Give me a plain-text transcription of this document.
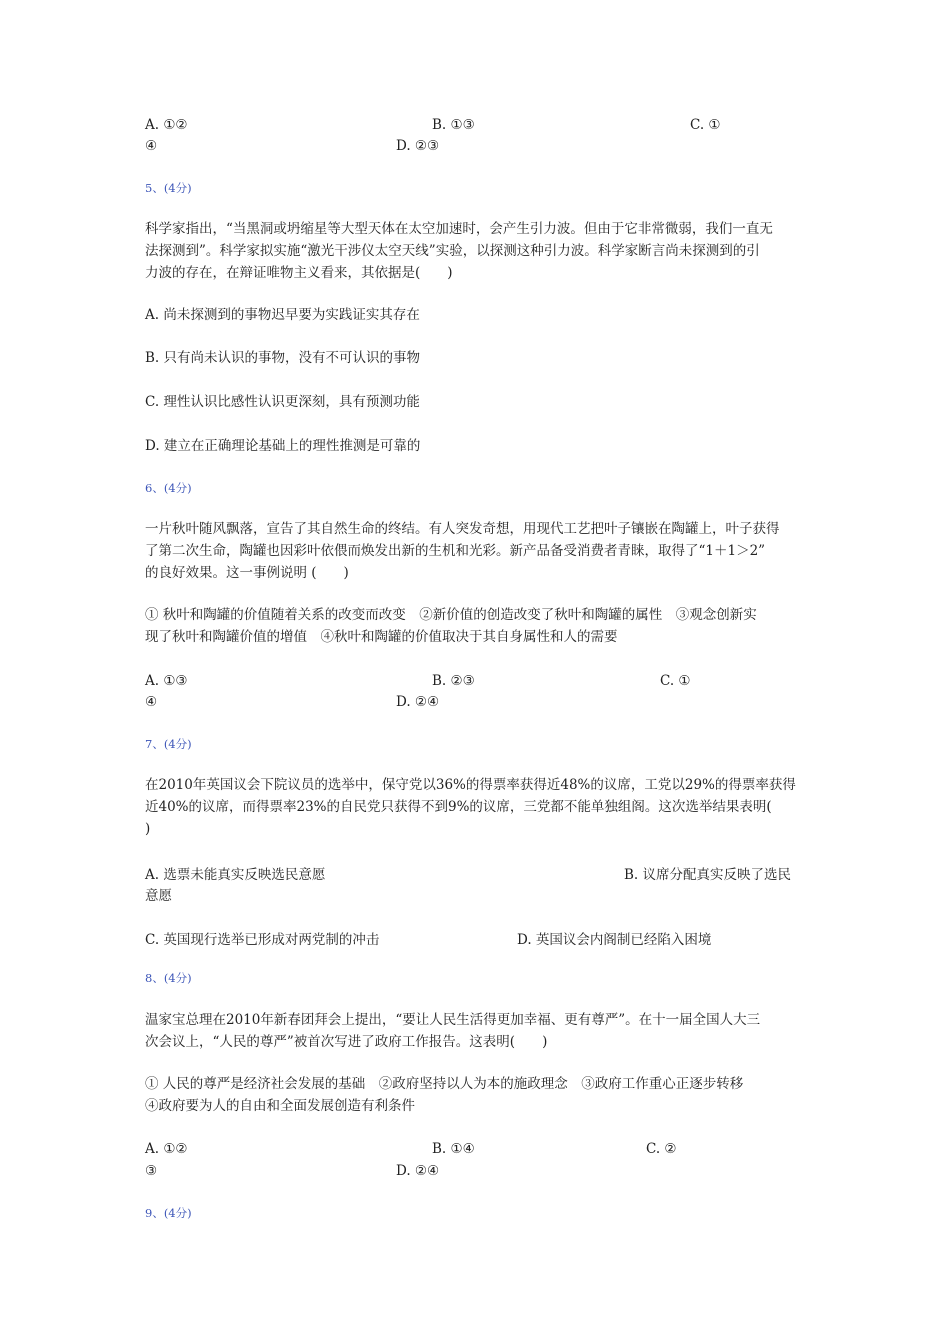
A. ①②	B. ①③	C. ①
④	D. ②③
5、(4分)
科学家指出，“当黑洞或坍缩星等大型天体在太空加速时，会产生引力波。但由于它非常微弱，我们一直无
法探测到”。科学家拟实施“激光干涉仪太空天线”实验，以探测这种引力波。科学家断言尚未探测到的引
力波的存在，在辩证唯物主义看来，其依据是(　　)
A. 尚未探测到的事物迟早要为实践证实其存在
B. 只有尚未认识的事物，没有不可认识的事物
C. 理性认识比感性认识更深刻，具有预测功能
D. 建立在正确理论基础上的理性推测是可靠的
6、(4分)
一片秋叶随风飘落，宣告了其自然生命的终结。有人突发奇想，用现代工艺把叶子镶嵌在陶罐上，叶子获得
了第二次生命，陶罐也因彩叶依偎而焕发出新的生机和光彩。新产品备受消费者青睐，取得了“1＋1＞2”
的良好效果。这一事例说明 (　　)
① 秋叶和陶罐的价值随着关系的改变而改变　②新价值的创造改变了秋叶和陶罐的属性　③观念创新实
现了秋叶和陶罐价值的增值　④秋叶和陶罐的价值取决于其自身属性和人的需要
A. ①③	B. ②③	C. ①
④	D. ②④
7、(4分)
在2010年英国议会下院议员的选举中，保守党以36%的得票率获得近48%的议席，工党以29%的得票率获得
近40%的议席，而得票率23%的自民党只获得不到9%的议席，三党都不能单独组阁。这次选举结果表明(
)
A. 选票未能真实反映选民意愿	B. 议席分配真实反映了选民
意愿
C. 英国现行选举已形成对两党制的冲击	D. 英国议会内阁制已经陷入困境
8、(4分)
温家宝总理在2010年新春团拜会上提出，“要让人民生活得更加幸福、更有尊严”。在十一届全国人大三
次会议上，“人民的尊严”被首次写进了政府工作报告。这表明(　　)
① 人民的尊严是经济社会发展的基础　②政府坚持以人为本的施政理念　③政府工作重心正逐步转移
④政府要为人的自由和全面发展创造有利条件
A. ①②	B. ①④	C. ②
③	D. ②④
9、(4分)
